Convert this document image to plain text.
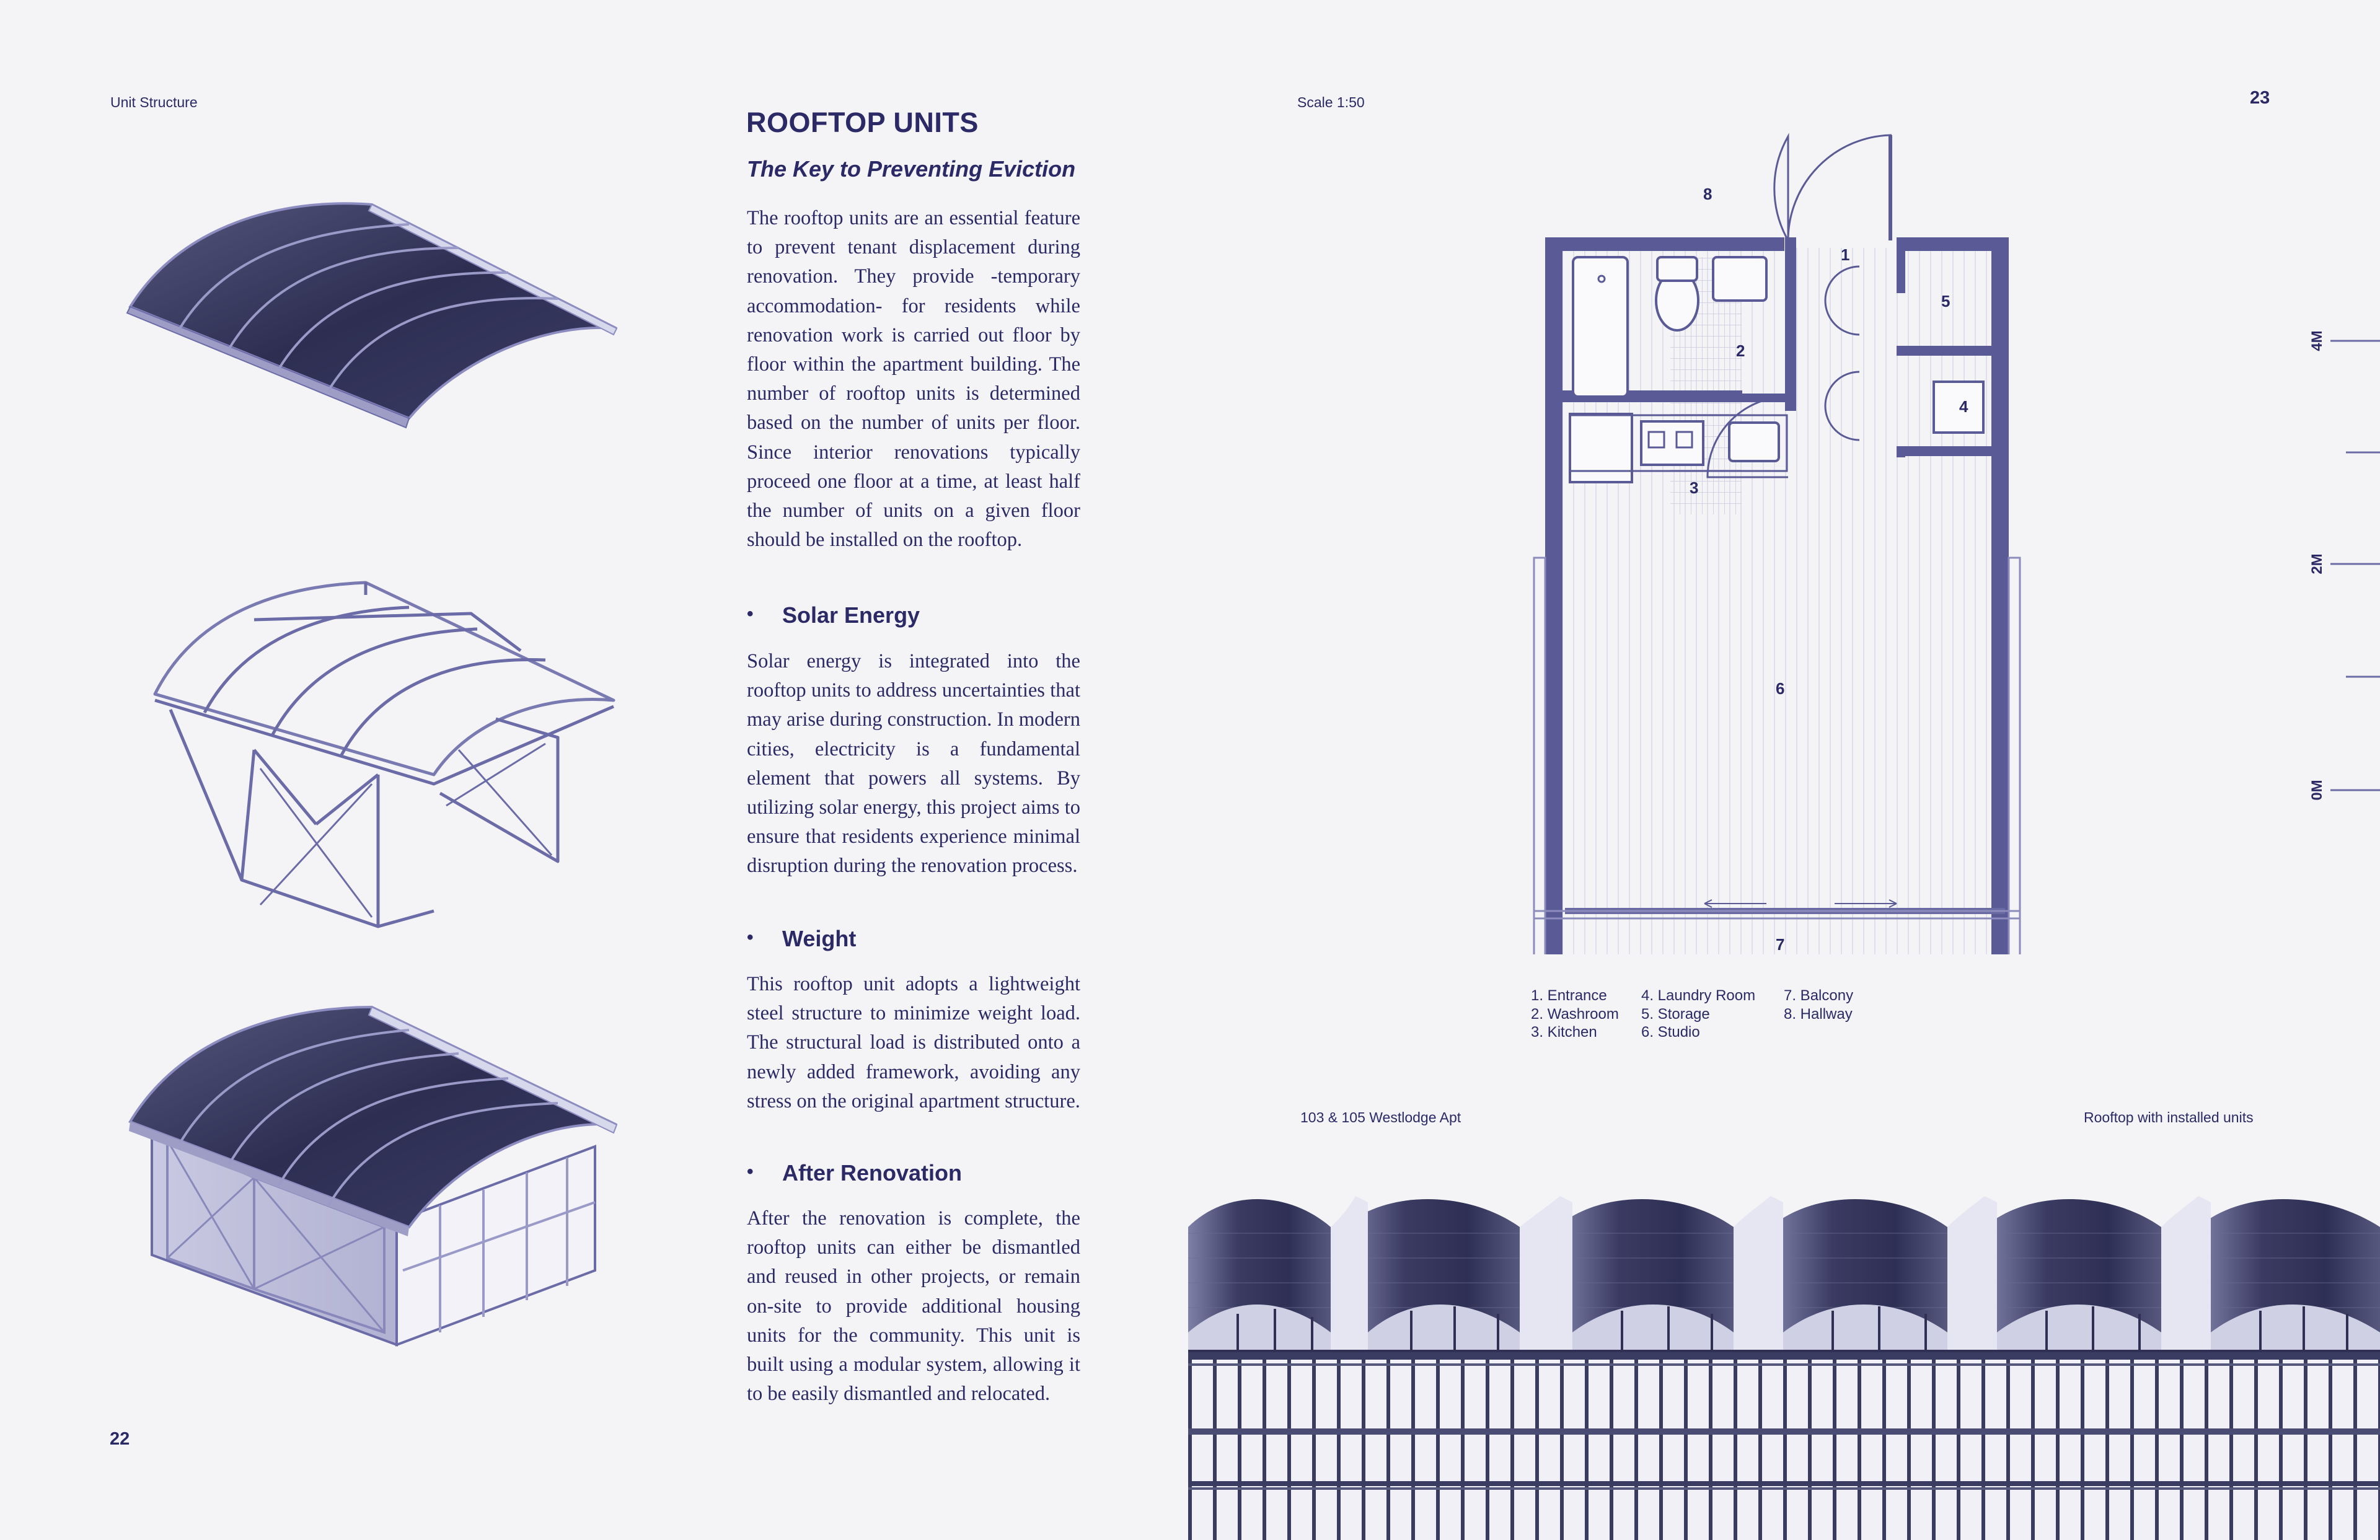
Unit Structure
22
ROOFTOP UNITS
The Key to Preventing Eviction
The rooftop units are an essential feature to prevent tenant displacement during renovation. They provide -temporary accommodation- for residents while renovation work is carried out floor by floor within the apartment building. The number of rooftop units is determined based on the number of units per floor. Since interior renovations typically proceed one floor at a time, at least half the number of units on a given floor should be installed on the rooftop.
• Solar Energy
Solar energy is integrated into the rooftop units to address uncertainties that may arise during construction. In modern cities, electricity is a fundamental element that powers all systems. By utilizing solar energy, this project aims to ensure that residents experience minimal disruption during the renovation process.
• Weight
This rooftop unit adopts a lightweight steel structure to minimize weight load. The structural load is distributed onto a newly added framework, avoiding any stress on the original apartment structure.
• After Renovation
After the renovation is complete, the rooftop units can either be dismantled and reused in other projects, or remain on-site to provide additional housing units for the community. This unit is built using a modular system, allowing it to be easily dismantled and relocated.
Scale 1:50	23
1
2
3
4
5
6
7
8
4M
2M
0M
1. Entrance
2. Washroom
3. Kitchen
4. Laundry Room
5. Storage
6. Studio
7. Balcony
8. Hallway
103 & 105 Westlodge Apt	Rooftop with installed units
